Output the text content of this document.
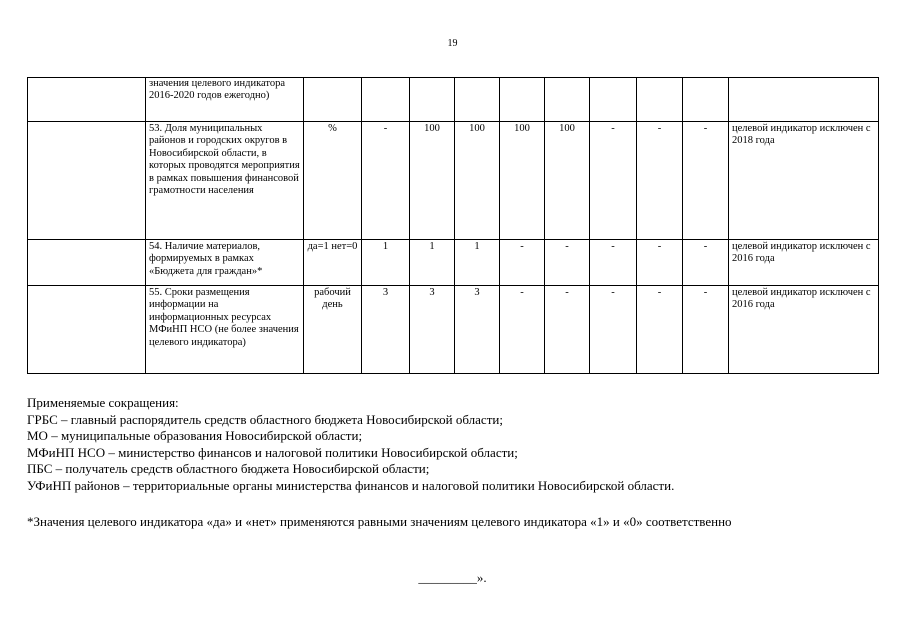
19
	значения целевого индикатора 2016-2020 годов ежегодно)										
	53. Доля муниципальных районов и городских округов в Новосибирской области, в которых проводятся мероприятия в рамках повышения финансовой грамотности населения	%	-	100	100	100	100	-	-	-	целевой индикатор исключен с 2018 года
	54. Наличие материалов, формируемых в рамках «Бюджета для граждан»*	да=1 нет=0	1	1	1	-	-	-	-	-	целевой индикатор исключен с 2016 года
	55. Сроки размещения информации на информационных ресурсах МФиНП НСО (не более значения целевого индикатора)	рабочий день	3	3	3	-	-	-	-	-	целевой индикатор исключен с 2016 года
Применяемые сокращения:
ГРБС – главный распорядитель средств областного бюджета Новосибирской области;
МО – муниципальные образования Новосибирской области;
МФиНП НСО – министерство финансов и налоговой политики Новосибирской области;
ПБС – получатель средств областного бюджета Новосибирской области;
УФиНП районов – территориальные органы министерства финансов и налоговой политики Новосибирской области.
*Значения целевого индикатора «да» и «нет» применяются равными значениям целевого индикатора «1» и «0» соответственно
_________».
